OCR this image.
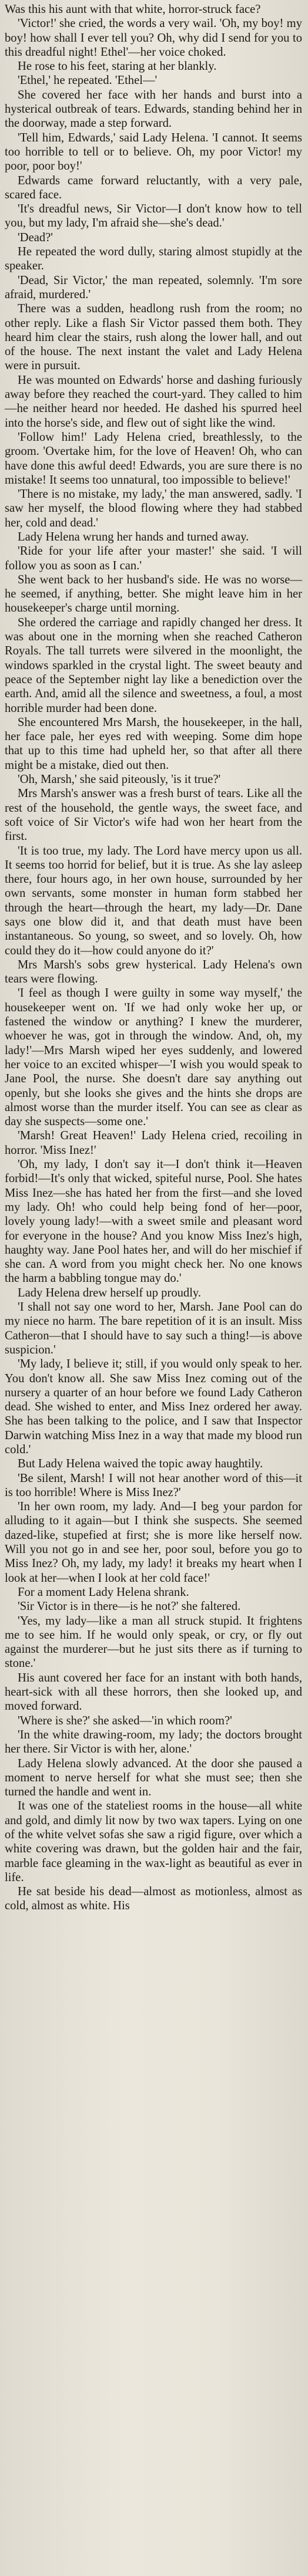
Was this his aunt with that white, horror-struck face?

'Victor!' she cried, the words a very wail. 'Oh, my boy! my boy! how shall I ever tell you? Oh, why did I send for you to this dreadful night! Ethel'—her voice choked.

He rose to his feet, staring at her blankly.

'Ethel,' he repeated. 'Ethel—'

She covered her face with her hands and burst into a hysterical outbreak of tears. Edwards, standing behind her in the doorway, made a step forward.

'Tell him, Edwards,' said Lady Helena. 'I cannot. It seems too horrible to tell or to believe. Oh, my poor Victor! my poor, poor boy!'

Edwards came forward reluctantly, with a very pale, scared face.

'It's dreadful news, Sir Victor—I don't know how to tell you, but my lady, I'm afraid she—she's dead.'

'Dead?'

He repeated the word dully, staring almost stupidly at the speaker.

'Dead, Sir Victor,' the man repeated, solemnly. 'I'm sore afraid, murdered.'

There was a sudden, headlong rush from the room; no other reply. Like a flash Sir Victor passed them both. They heard him clear the stairs, rush along the lower hall, and out of the house. The next instant the valet and Lady Helena were in pursuit.

He was mounted on Edwards' horse and dashing furiously away before they reached the court-yard. They called to him—he neither heard nor heeded. He dashed his spurred heel into the horse's side, and flew out of sight like the wind.

'Follow him!' Lady Helena cried, breathlessly, to the groom. 'Overtake him, for the love of Heaven! Oh, who can have done this awful deed! Edwards, you are sure there is no mistake! It seems too unnatural, too impossible to believe!'

'There is no mistake, my lady,' the man answered, sadly. 'I saw her myself, the blood flowing where they had stabbed her, cold and dead.'

Lady Helena wrung her hands and turned away.

'Ride for your life after your master!' she said. 'I will follow you as soon as I can.'

She went back to her husband's side. He was no worse—he seemed, if anything, better. She might leave him in her housekeeper's charge until morning.

She ordered the carriage and rapidly changed her dress. It was about one in the morning when she reached Catheron Royals. The tall turrets were silvered in the moonlight, the windows sparkled in the crystal light. The sweet beauty and peace of the September night lay like a benediction over the earth. And, amid all the silence and sweetness, a foul, a most horrible murder had been done.

She encountered Mrs Marsh, the housekeeper, in the hall, her face pale, her eyes red with weeping. Some dim hope that up to this time had upheld her, so that after all there might be a mistake, died out then.

'Oh, Marsh,' she said piteously, 'is it true?'

Mrs Marsh's answer was a fresh burst of tears. Like all the rest of the household, the gentle ways, the sweet face, and soft voice of Sir Victor's wife had won her heart from the first.

'It is too true, my lady. The Lord have mercy upon us all. It seems too horrid for belief, but it is true. As she lay asleep there, four hours ago, in her own house, surrounded by her own servants, some monster in human form stabbed her through the heart—through the heart, my lady—Dr. Dane says one blow did it, and that death must have been instantaneous. So young, so sweet, and so lovely. Oh, how could they do it—how could anyone do it?'

Mrs Marsh's sobs grew hysterical. Lady Helena's own tears were flowing.

'I feel as though I were guilty in some way myself,' the housekeeper went on. 'If we had only woke her up, or fastened the window or anything? I knew the murderer, whoever he was, got in through the window. And, oh, my lady!'—Mrs Marsh wiped her eyes suddenly, and lowered her voice to an excited whisper—'I wish you would speak to Jane Pool, the nurse. She doesn't dare say anything out openly, but she looks she gives and the hints she drops are almost worse than the murder itself. You can see as clear as day she suspects—some one.'

'Marsh! Great Heaven!' Lady Helena cried, recoiling in horror. 'Miss Inez!'

'Oh, my lady, I don't say it—I don't think it—Heaven forbid!—It's only that wicked, spiteful nurse, Pool. She hates Miss Inez—she has hated her from the first—and she loved my lady. Oh! who could help being fond of her—poor, lovely young lady!—with a sweet smile and pleasant word for everyone in the house? And you know Miss Inez's high, haughty way. Jane Pool hates her, and will do her mischief if she can. A word from you might check her. No one knows the harm a babbling tongue may do.'

Lady Helena drew herself up proudly.

'I shall not say one word to her, Marsh. Jane Pool can do my niece no harm. The bare repetition of it is an insult. Miss Catheron—that I should have to say such a thing!—is above suspicion.'

'My lady, I believe it; still, if you would only speak to her. You don't know all. She saw Miss Inez coming out of the nursery a quarter of an hour before we found Lady Catheron dead. She wished to enter, and Miss Inez ordered her away. She has been talking to the police, and I saw that Inspector Darwin watching Miss Inez in a way that made my blood run cold.'

But Lady Helena waived the topic away haughtily.

'Be silent, Marsh! I will not hear another word of this—it is too horrible! Where is Miss Inez?'

'In her own room, my lady. And—I beg your pardon for alluding to it again—but I think she suspects. She seemed dazed-like, stupefied at first; she is more like herself now. Will you not go in and see her, poor soul, before you go to Miss Inez? Oh, my lady, my lady! it breaks my heart when I look at her—when I look at her cold face!'

For a moment Lady Helena shrank.

'Sir Victor is in there—is he not?' she faltered.

'Yes, my lady—like a man all struck stupid. It frightens me to see him. If he would only speak, or cry, or fly out against the murderer—but he just sits there as if turning to stone.'

His aunt covered her face for an instant with both hands, heart-sick with all these horrors, then she looked up, and moved forward.

'Where is she?' she asked—'in which room?'

'In the white drawing-room, my lady; the doctors brought her there. Sir Victor is with her, alone.'

Lady Helena slowly advanced. At the door she paused a moment to nerve herself for what she must see; then she turned the handle and went in.

It was one of the stateliest rooms in the house—all white and gold, and dimly lit now by two wax tapers. Lying on one of the white velvet sofas she saw a rigid figure, over which a white covering was drawn, but the golden hair and the fair, marble face gleaming in the wax-light as beautiful as ever in life.

He sat beside his dead—almost as motionless, almost as cold, almost as white. His
